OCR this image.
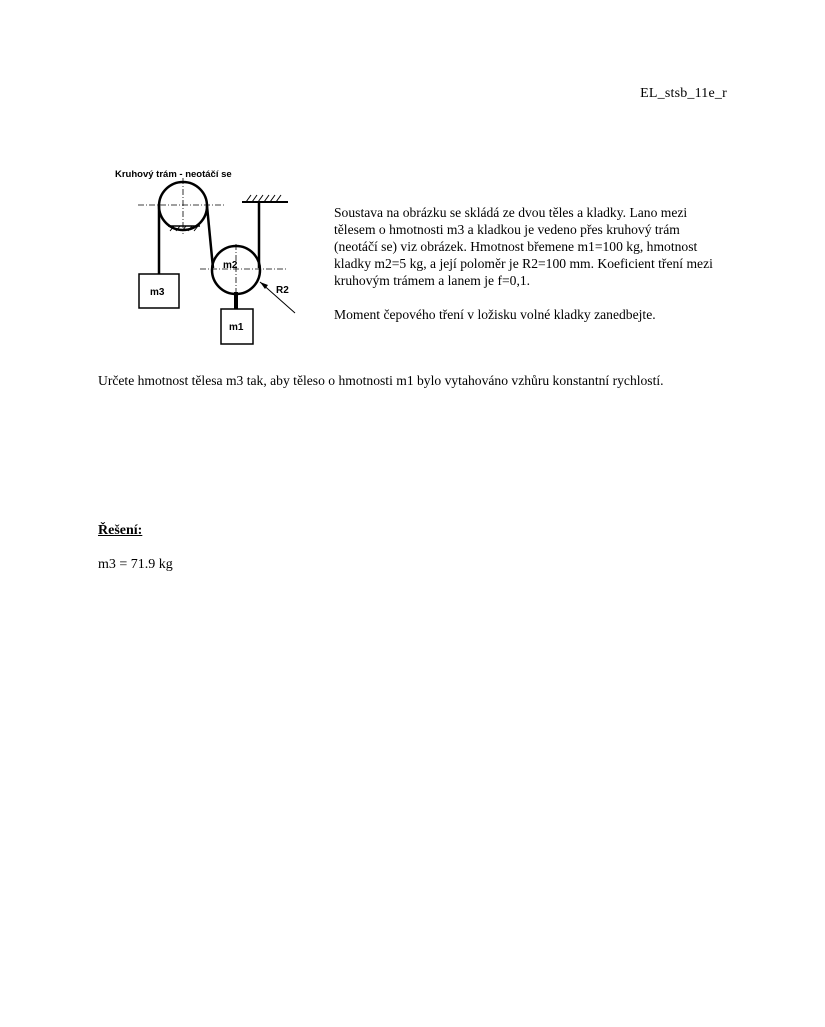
EL_stsb_11e_r
Kruhový trám - neotáčí se
m2
R2
m3
m1

Soustava na obrázku se skládá ze dvou těles a kladky. Lano mezi tělesem o hmotnosti m3 a kladkou je vedeno přes kruhový trám (neotáčí se) viz obrázek. Hmotnost břemene m1=100 kg, hmotnost kladky m2=5 kg, a její poloměr je R2=100 mm. Koeficient tření mezi kruhovým trámem a lanem je f=0,1.

Moment čepového tření v ložisku volné kladky zanedbejte.

Určete hmotnost tělesa m3 tak, aby těleso o hmotnosti m1 bylo vytahováno vzhůru konstantní rychlostí.

Řešení:

m3 = 71.9 kg
